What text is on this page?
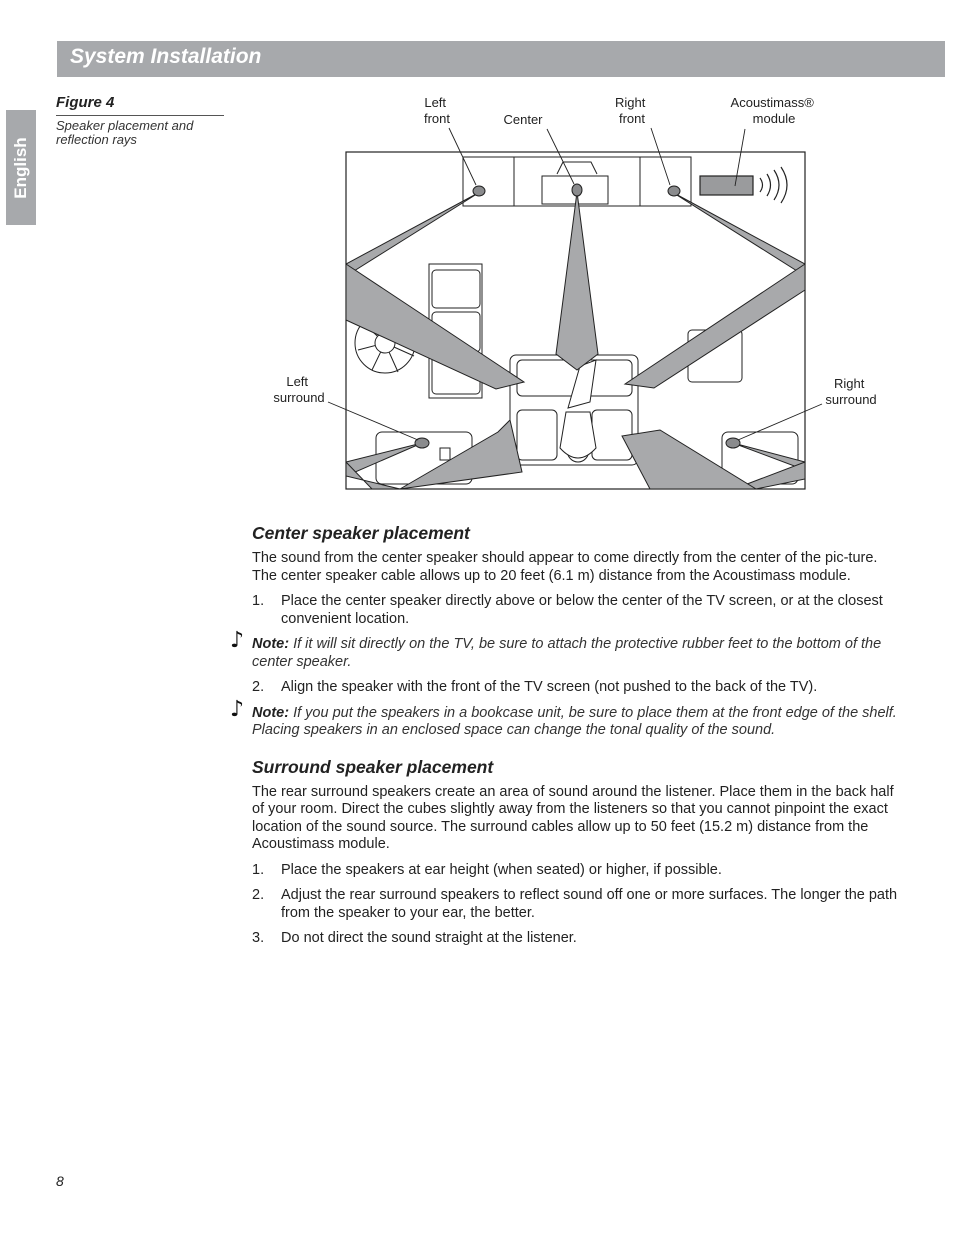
System Installation
English
Figure 4
Speaker placement and reflection rays
Left front	Center
Right front
Acoustimass® module
Left surround
Right surround
Center speaker placement

The sound from the center speaker should appear to come directly from the center of the pic-ture. The center speaker cable allows up to 20 feet (6.1 m) distance from the Acoustimass module.

1. Place the center speaker directly above or below the center of the TV screen, or at the closest convenient location.
♪ Note: If it will sit directly on the TV, be sure to attach the protective rubber feet to the bottom of the center speaker.
2. Align the speaker with the front of the TV screen (not pushed to the back of the TV).
♪ Note: If you put the speakers in a bookcase unit, be sure to place them at the front edge of the shelf. Placing speakers in an enclosed space can change the tonal quality of the sound.
Surround speaker placement

The rear surround speakers create an area of sound around the listener. Place them in the back half of your room. Direct the cubes slightly away from the listeners so that you cannot pinpoint the exact location of the sound source. The surround cables allow up to 50 feet (15.2 m) distance from the Acoustimass module.

1. Place the speakers at ear height (when seated) or higher, if possible.
2. Adjust the rear surround speakers to reflect sound off one or more surfaces. The longer the path from the speaker to your ear, the better.
3. Do not direct the sound straight at the listener.
8
